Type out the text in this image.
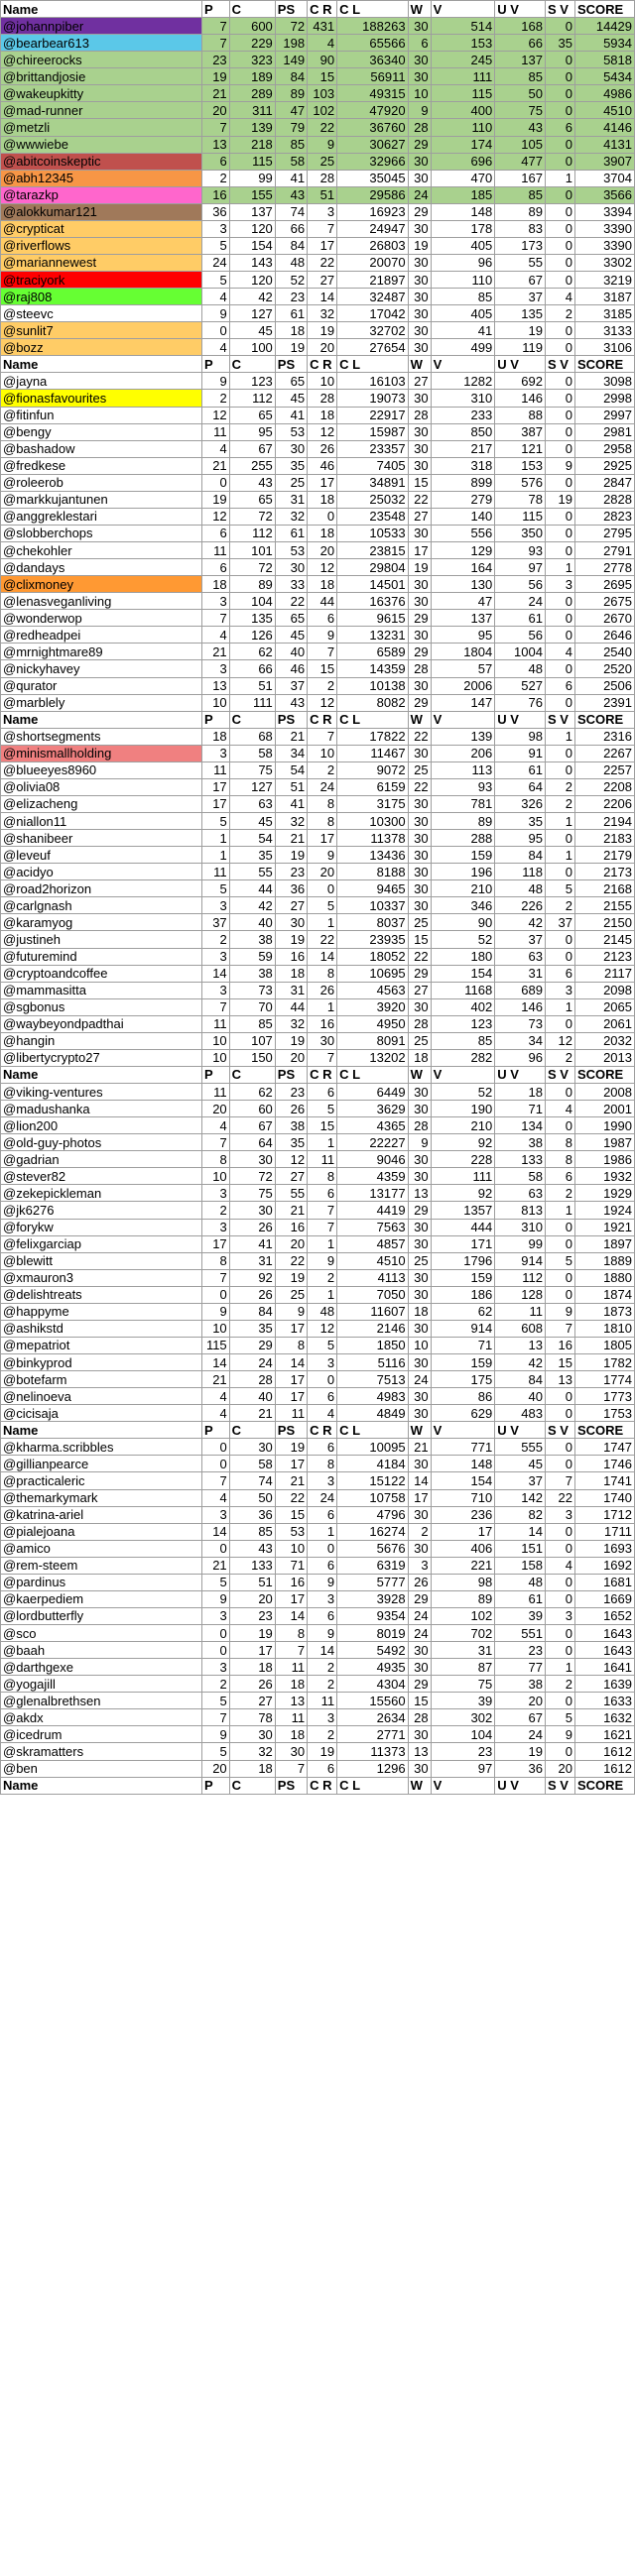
Name	P	C	PS	C R	C L	W	V	U V	S V	SCORE
@johannpiber	7	600	72	431	188263	30	514	168	0	14429
@bearbear613	7	229	198	4	65566	6	153	66	35	5934
@chireerocks	23	323	149	90	36340	30	245	137	0	5818
@brittandjosie	19	189	84	15	56911	30	111	85	0	5434
@wakeupkitty	21	289	89	103	49315	10	115	50	0	4986
@mad-runner	20	311	47	102	47920	9	400	75	0	4510
@metzli	7	139	79	22	36760	28	110	43	6	4146
@wwwiebe	13	218	85	9	30627	29	174	105	0	4131
@abitcoinskeptic	6	115	58	25	32966	30	696	477	0	3907
@abh12345	2	99	41	28	35045	30	470	167	1	3704
@tarazkp	16	155	43	51	29586	24	185	85	0	3566
@alokkumar121	36	137	74	3	16923	29	148	89	0	3394
@crypticat	3	120	66	7	24947	30	178	83	0	3390
@riverflows	5	154	84	17	26803	19	405	173	0	3390
@mariannewest	24	143	48	22	20070	30	96	55	0	3302
@traciyork	5	120	52	27	21897	30	110	67	0	3219
@raj808	4	42	23	14	32487	30	85	37	4	3187
@steevc	9	127	61	32	17042	30	405	135	2	3185
@sunlit7	0	45	18	19	32702	30	41	19	0	3133
@bozz	4	100	19	20	27654	30	499	119	0	3106
Name	P	C	PS	C R	C L	W	V	U V	S V	SCORE
@jayna	9	123	65	10	16103	27	1282	692	0	3098
@fionasfavourites	2	112	45	28	19073	30	310	146	0	2998
@fitinfun	12	65	41	18	22917	28	233	88	0	2997
@bengy	11	95	53	12	15987	30	850	387	0	2981
@bashadow	4	67	30	26	23357	30	217	121	0	2958
@fredkese	21	255	35	46	7405	30	318	153	9	2925
@roleerob	0	43	25	17	34891	15	899	576	0	2847
@markkujantunen	19	65	31	18	25032	22	279	78	19	2828
@anggreklestari	12	72	32	0	23548	27	140	115	0	2823
@slobberchops	6	112	61	18	10533	30	556	350	0	2795
@chekohler	11	101	53	20	23815	17	129	93	0	2791
@dandays	6	72	30	12	29804	19	164	97	1	2778
@clixmoney	18	89	33	18	14501	30	130	56	3	2695
@lenasveganliving	3	104	22	44	16376	30	47	24	0	2675
@wonderwop	7	135	65	6	9615	29	137	61	0	2670
@redheadpei	4	126	45	9	13231	30	95	56	0	2646
@mrnightmare89	21	62	40	7	6589	29	1804	1004	4	2540
@nickyhavey	3	66	46	15	14359	28	57	48	0	2520
@qurator	13	51	37	2	10138	30	2006	527	6	2506
@marblely	10	111	43	12	8082	29	147	76	0	2391
Name	P	C	PS	C R	C L	W	V	U V	S V	SCORE
@shortsegments	18	68	21	7	17822	22	139	98	1	2316
@minismallholding	3	58	34	10	11467	30	206	91	0	2267
@blueeyes8960	11	75	54	2	9072	25	113	61	0	2257
@olivia08	17	127	51	24	6159	22	93	64	2	2208
@elizacheng	17	63	41	8	3175	30	781	326	2	2206
@niallon11	5	45	32	8	10300	30	89	35	1	2194
@shanibeer	1	54	21	17	11378	30	288	95	0	2183
@leveuf	1	35	19	9	13436	30	159	84	1	2179
@acidyo	11	55	23	20	8188	30	196	118	0	2173
@road2horizon	5	44	36	0	9465	30	210	48	5	2168
@carlgnash	3	42	27	5	10337	30	346	226	2	2155
@karamyog	37	40	30	1	8037	25	90	42	37	2150
@justineh	2	38	19	22	23935	15	52	37	0	2145
@futuremind	3	59	16	14	18052	22	180	63	0	2123
@cryptoandcoffee	14	38	18	8	10695	29	154	31	6	2117
@mammasitta	3	73	31	26	4563	27	1168	689	3	2098
@sgbonus	7	70	44	1	3920	30	402	146	1	2065
@waybeyondpadthai	11	85	32	16	4950	28	123	73	0	2061
@hangin	10	107	19	30	8091	25	85	34	12	2032
@libertycrypto27	10	150	20	7	13202	18	282	96	2	2013
Name	P	C	PS	C R	C L	W	V	U V	S V	SCORE
@viking-ventures	11	62	23	6	6449	30	52	18	0	2008
@madushanka	20	60	26	5	3629	30	190	71	4	2001
@lion200	4	67	38	15	4365	28	210	134	0	1990
@old-guy-photos	7	64	35	1	22227	9	92	38	8	1987
@gadrian	8	30	12	11	9046	30	228	133	8	1986
@stever82	10	72	27	8	4359	30	111	58	6	1932
@zekepickleman	3	75	55	6	13177	13	92	63	2	1929
@jk6276	2	30	21	7	4419	29	1357	813	1	1924
@forykw	3	26	16	7	7563	30	444	310	0	1921
@felixgarciap	17	41	20	1	4857	30	171	99	0	1897
@blewitt	8	31	22	9	4510	25	1796	914	5	1889
@xmauron3	7	92	19	2	4113	30	159	112	0	1880
@delishtreats	0	26	25	1	7050	30	186	128	0	1874
@happyme	9	84	9	48	11607	18	62	11	9	1873
@ashikstd	10	35	17	12	2146	30	914	608	7	1810
@mepatriot	115	29	8	5	1850	10	71	13	16	1805
@binkyprod	14	24	14	3	5116	30	159	42	15	1782
@botefarm	21	28	17	0	7513	24	175	84	13	1774
@nelinoeva	4	40	17	6	4983	30	86	40	0	1773
@cicisaja	4	21	11	4	4849	30	629	483	0	1753
Name	P	C	PS	C R	C L	W	V	U V	S V	SCORE
@kharma.scribbles	0	30	19	6	10095	21	771	555	0	1747
@gillianpearce	0	58	17	8	4184	30	148	45	0	1746
@practicaleric	7	74	21	3	15122	14	154	37	7	1741
@themarkymark	4	50	22	24	10758	17	710	142	22	1740
@katrina-ariel	3	36	15	6	4796	30	236	82	3	1712
@pialejoana	14	85	53	1	16274	2	17	14	0	1711
@amico	0	43	10	0	5676	30	406	151	0	1693
@rem-steem	21	133	71	6	6319	3	221	158	4	1692
@pardinus	5	51	16	9	5777	26	98	48	0	1681
@kaerpediem	9	20	17	3	3928	29	89	61	0	1669
@lordbutterfly	3	23	14	6	9354	24	102	39	3	1652
@sco	0	19	8	9	8019	24	702	551	0	1643
@baah	0	17	7	14	5492	30	31	23	0	1643
@darthgexe	3	18	11	2	4935	30	87	77	1	1641
@yogajill	2	26	18	2	4304	29	75	38	2	1639
@glenalbrethsen	5	27	13	11	15560	15	39	20	0	1633
@akdx	7	78	11	3	2634	28	302	67	5	1632
@icedrum	9	30	18	2	2771	30	104	24	9	1621
@skramatters	5	32	30	19	11373	13	23	19	0	1612
@ben	20	18	7	6	1296	30	97	36	20	1612
Name	P	C	PS	C R	C L	W	V	U V	S V	SCORE
